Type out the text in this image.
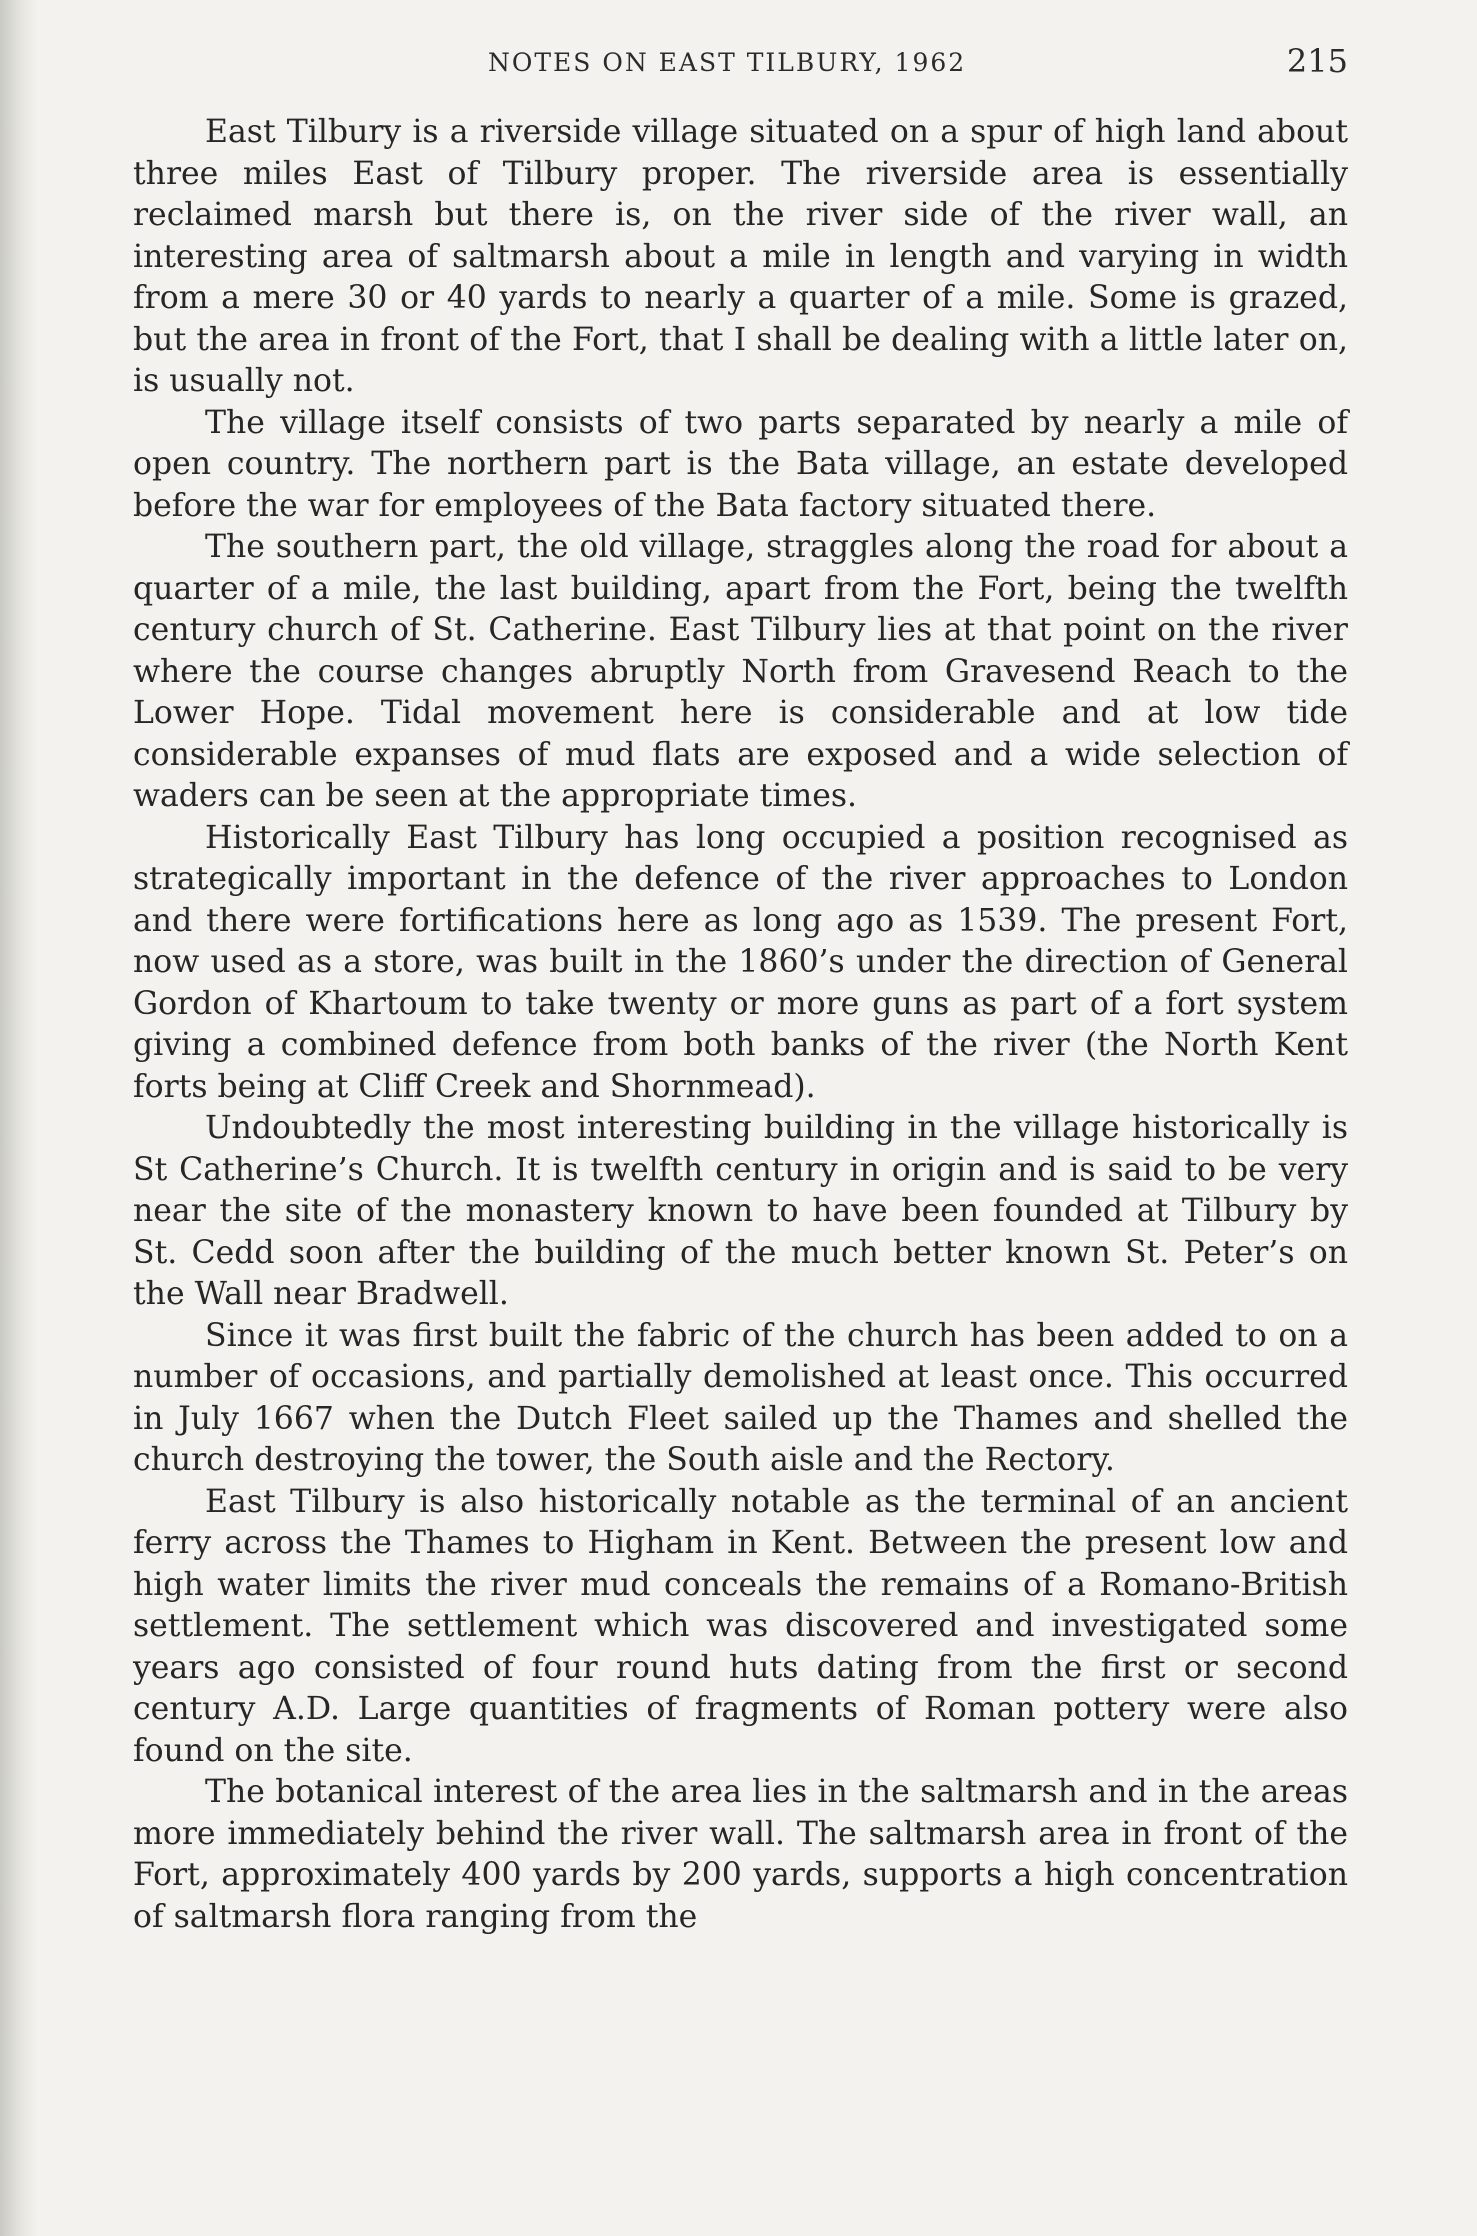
NOTES ON EAST TILBURY, 1962	215

East Tilbury is a riverside village situated on a spur of high land about three miles East of Tilbury proper. The riverside area is essentially reclaimed marsh but there is, on the river side of the river wall, an interesting area of saltmarsh about a mile in length and varying in width from a mere 30 or 40 yards to nearly a quarter of a mile. Some is grazed, but the area in front of the Fort, that I shall be dealing with a little later on, is usually not.

The village itself consists of two parts separated by nearly a mile of open country. The northern part is the Bata village, an estate developed before the war for employees of the Bata factory situated there.

The southern part, the old village, straggles along the road for about a quarter of a mile, the last building, apart from the Fort, being the twelfth century church of St. Catherine. East Tilbury lies at that point on the river where the course changes abruptly North from Gravesend Reach to the Lower Hope. Tidal movement here is considerable and at low tide considerable expanses of mud flats are exposed and a wide selection of waders can be seen at the appropriate times.

Historically East Tilbury has long occupied a position recognised as strategically important in the defence of the river approaches to London and there were fortifications here as long ago as 1539. The present Fort, now used as a store, was built in the 1860’s under the direction of General Gordon of Khartoum to take twenty or more guns as part of a fort system giving a combined defence from both banks of the river (the North Kent forts being at Cliff Creek and Shornmead).

Undoubtedly the most interesting building in the village historically is St Catherine’s Church. It is twelfth century in origin and is said to be very near the site of the monastery known to have been founded at Tilbury by St. Cedd soon after the building of the much better known St. Peter’s on the Wall near Bradwell.

Since it was first built the fabric of the church has been added to on a number of occasions, and partially demolished at least once. This occurred in July 1667 when the Dutch Fleet sailed up the Thames and shelled the church destroying the tower, the South aisle and the Rectory.

East Tilbury is also historically notable as the terminal of an ancient ferry across the Thames to Higham in Kent. Between the present low and high water limits the river mud conceals the remains of a Romano-British settlement. The settlement which was discovered and investigated some years ago consisted of four round huts dating from the first or second century A.D. Large quantities of fragments of Roman pottery were also found on the site.

The botanical interest of the area lies in the saltmarsh and in the areas more immediately behind the river wall. The saltmarsh area in front of the Fort, approximately 400 yards by 200 yards, supports a high concentration of saltmarsh flora ranging from the
